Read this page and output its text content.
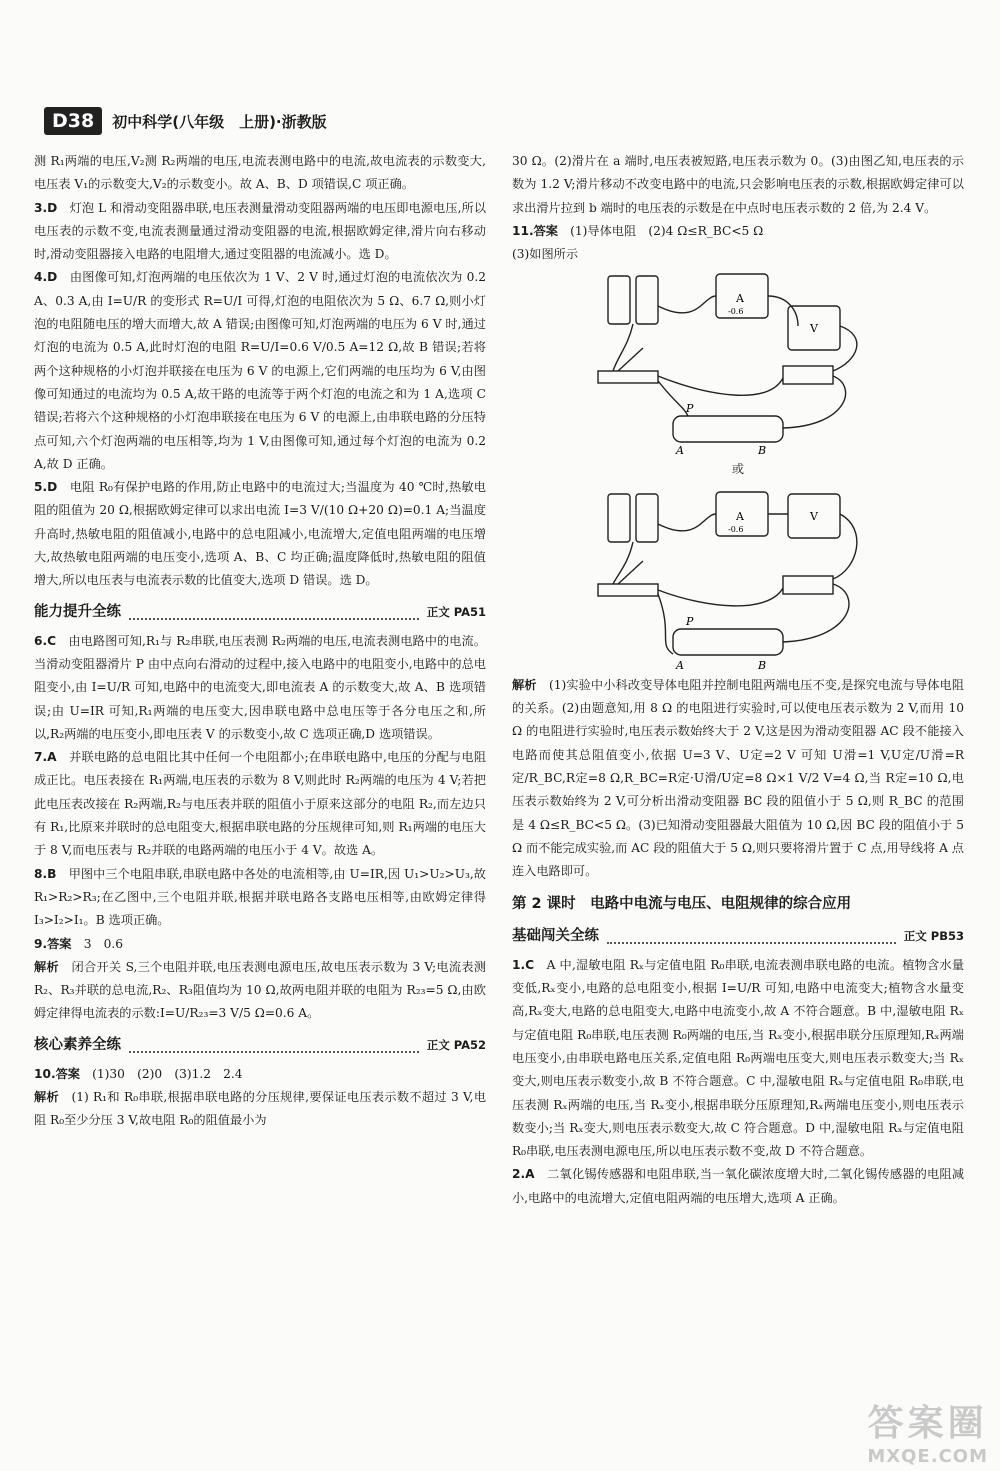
D38	初中科学(八年级　上册)·浙教版

测 R₁两端的电压,V₂测 R₂两端的电压,电流表测电路中的电流,故电流表的示数变大,电压表 V₁的示数变大,V₂的示数变小。故 A、B、D 项错误,C 项正确。

3.D　 灯泡 L 和滑动变阻器串联,电压表测量滑动变阻器两端的电压即电源电压,所以电压表的示数不变,电流表测量通过滑动变阻器的电流,根据欧姆定律,滑片向右移动时,滑动变阻器接入电路的电阻增大,通过变阻器的电流减小。选 D。

4.D　 由图像可知,灯泡两端的电压依次为 1 V、2 V 时,通过灯泡的电流依次为 0.2 A、0.3 A,由 I=U/R 的变形式 R=U/I 可得,灯泡的电阻依次为 5 Ω、6.7 Ω,则小灯泡的电阻随电压的增大而增大,故 A 错误;由图像可知,灯泡两端的电压为 6 V 时,通过灯泡的电流为 0.5 A,此时灯泡的电阻 R=U/I=0.6 V/0.5 A=12 Ω,故 B 错误;若将两个这种规格的小灯泡并联接在电压为 6 V 的电源上,它们两端的电压均为 6 V,由图像可知通过的电流均为 0.5 A,故干路的电流等于两个灯泡的电流之和为 1 A,选项 C 错误;若将六个这种规格的小灯泡串联接在电压为 6 V 的电源上,由串联电路的分压特点可知,六个灯泡两端的电压相等,均为 1 V,由图像可知,通过每个灯泡的电流为 0.2 A,故 D 正确。

5.D　 电阻 R₀有保护电路的作用,防止电路中的电流过大;当温度为 40 ℃时,热敏电阻的阻值为 20 Ω,根据欧姆定律可以求出电流 I=3 V/(10 Ω+20 Ω)=0.1 A;当温度升高时,热敏电阻的阻值减小,电路中的总电阻减小,电流增大,定值电阻两端的电压增大,故热敏电阻两端的电压变小,选项 A、B、C 均正确;温度降低时,热敏电阻的阻值增大,所以电压表与电流表示数的比值变大,选项 D 错误。选 D。

能力提升全练	正文 PA51

6.C　 由电路图可知,R₁与 R₂串联,电压表测 R₂两端的电压,电流表测电路中的电流。当滑动变阻器滑片 P 由中点向右滑动的过程中,接入电路中的电阻变小,电路中的总电阻变小,由 I=U/R 可知,电路中的电流变大,即电流表 A 的示数变大,故 A、B 选项错误;由 U=IR 可知,R₁两端的电压变大,因串联电路中总电压等于各分电压之和,所以,R₂两端的电压变小,即电压表 V 的示数变小,故 C 选项正确,D 选项错误。

7.A　 并联电路的总电阻比其中任何一个电阻都小;在串联电路中,电压的分配与电阻成正比。电压表接在 R₁两端,电压表的示数为 8 V,则此时 R₂两端的电压为 4 V;若把此电压表改接在 R₂两端,R₂与电压表并联的阻值小于原来这部分的电阻 R₂,而左边只有 R₁,比原来并联时的总电阻变大,根据串联电路的分压规律可知,则 R₁两端的电压大于 8 V,而电压表与 R₂并联的电路两端的电压小于 4 V。故选 A。

8.B　 甲图中三个电阻串联,串联电路中各处的电流相等,由 U=IR,因 U₁>U₂>U₃,故 R₁>R₂>R₃;在乙图中,三个电阻并联,根据并联电路各支路电压相等,由欧姆定律得 I₃>I₂>I₁。B 选项正确。

9.答案　 3　0.6

解析　 闭合开关 S,三个电阻并联,电压表测电源电压,故电压表示数为 3 V;电流表测 R₂、R₃并联的总电流,R₂、R₃阻值均为 10 Ω,故两电阻并联的电阻为 R₂₃=5 Ω,由欧姆定律得电流表的示数:I=U/R₂₃=3 V/5 Ω=0.6 A。

核心素养全练	正文 PA52

10.答案　 (1)30　(2)0　(3)1.2　2.4

解析　 (1) R₁和 R₀串联,根据串联电路的分压规律,要保证电压表示数不超过 3 V,电阻 R₀至少分压 3 V,故电阻 R₀的阻值最小为

30 Ω。(2)滑片在 a 端时,电压表被短路,电压表示数为 0。(3)由图乙知,电压表的示数为 1.2 V;滑片移动不改变电路中的电流,只会影响电压表的示数,根据欧姆定律可以求出滑片拉到 b 端时的电压表的示数是在中点时电压表示数的 2 倍,为 2.4 V。

11.答案　 (1)导体电阻　(2)4 Ω≤R_BC<5 Ω

(3)如图所示

A
-0.6
V
P
A	B
或
A
-0.6
V
P
A	B

解析　 (1)实验中小科改变导体电阻并控制电阻两端电压不变,是探究电流与导体电阻的关系。(2)由题意知,用 8 Ω 的电阻进行实验时,可以使电压表示数为 2 V,而用 10 Ω 的电阻进行实验时,电压表示数始终大于 2 V,这是因为滑动变阻器 AC 段不能接入电路而使其总阻值变小,依据 U=3 V、U定=2 V 可知 U滑=1 V,U定/U滑=R定/R_BC,R定=8 Ω,R_BC=R定·U滑/U定=8 Ω×1 V/2 V=4 Ω,当 R定=10 Ω,电压表示数始终为 2 V,可分析出滑动变阻器 BC 段的阻值小于 5 Ω,则 R_BC 的范围是 4 Ω≤R_BC<5 Ω。(3)已知滑动变阻器最大阻值为 10 Ω,因 BC 段的阻值小于 5 Ω 而不能完成实验,而 AC 段的阻值大于 5 Ω,则只要将滑片置于 C 点,用导线将 A 点连入电路即可。

第 2 课时　电路中电流与电压、电阻规律的综合应用
基础闯关全练	正文 PB53

1.C　 A 中,湿敏电阻 Rₓ与定值电阻 R₀串联,电流表测串联电路的电流。植物含水量变低,Rₓ变小,电路的总电阻变小,根据 I=U/R 可知,电路中电流变大;植物含水量变高,Rₓ变大,电路的总电阻变大,电路中电流变小,故 A 不符合题意。B 中,湿敏电阻 Rₓ与定值电阻 R₀串联,电压表测 R₀两端的电压,当 Rₓ变小,根据串联分压原理知,Rₓ两端电压变小,由串联电路电压关系,定值电阻 R₀两端电压变大,则电压表示数变大;当 Rₓ变大,则电压表示数变小,故 B 不符合题意。C 中,湿敏电阻 Rₓ与定值电阻 R₀串联,电压表测 Rₓ两端的电压,当 Rₓ变小,根据串联分压原理知,Rₓ两端电压变小,则电压表示数变小;当 Rₓ变大,则电压表示数变大,故 C 符合题意。D 中,湿敏电阻 Rₓ与定值电阻 R₀串联,电压表测电源电压,所以电压表示数不变,故 D 不符合题意。

2.A　 二氧化锡传感器和电阻串联,当一氧化碳浓度增大时,二氧化锡传感器的电阻减小,电路中的电流增大,定值电阻两端的电压增大,选项 A 正确。

答案圈
MXQE.COM
